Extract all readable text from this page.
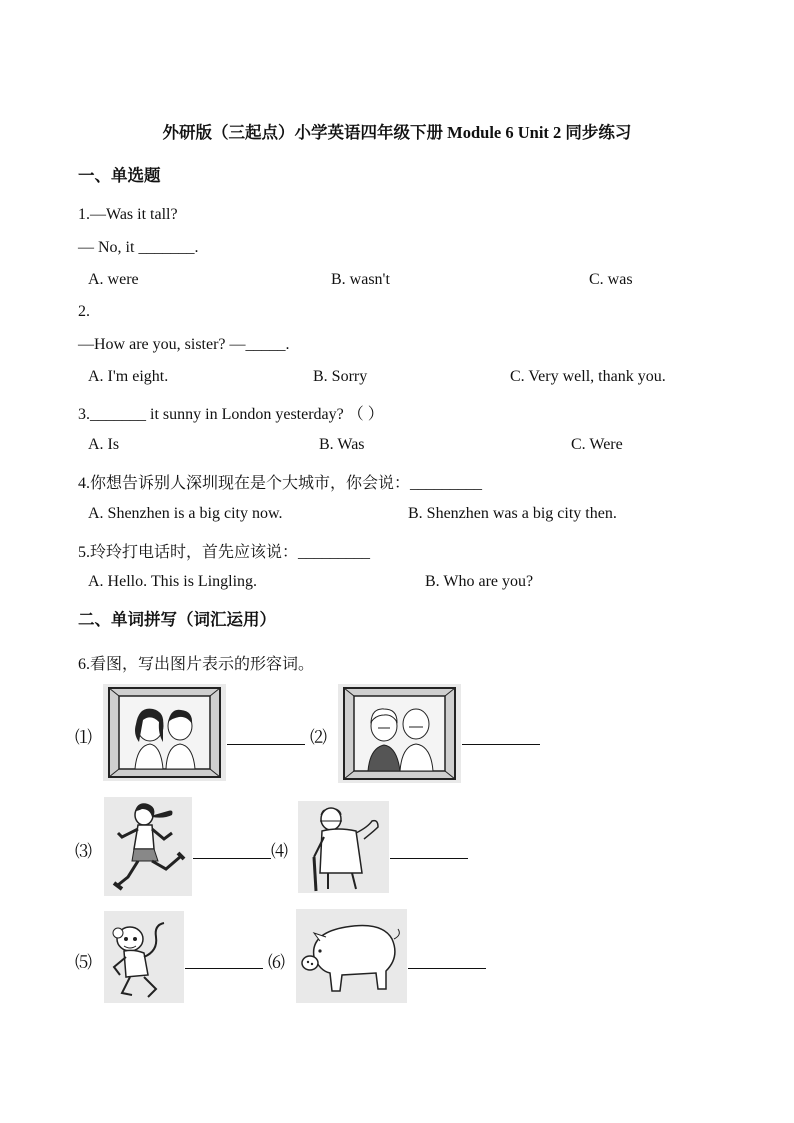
外研版（三起点）小学英语四年级下册 Module 6 Unit 2 同步练习
一、单选题
1.—Was it tall?
— No, it _______.
A. were	B. wasn't	C. was
2.
—How are you, sister? —_____.
A. I'm eight.	B. Sorry	C. Very well, thank you.
3._______ it sunny in London yesterday? （ ）
A. Is	B. Was	C. Were
4.你想告诉别人深圳现在是个大城市，你会说：_________
A. Shenzhen is a big city now.	B. Shenzhen was a big city then.
5.玲玲打电话时，首先应该说：_________
A. Hello. This is Lingling.	B. Who are you?
二、单词拼写（词汇运用）
6.看图，写出图片表示的形容词。
⑴	⑵
⑶	⑷
⑸	⑹
